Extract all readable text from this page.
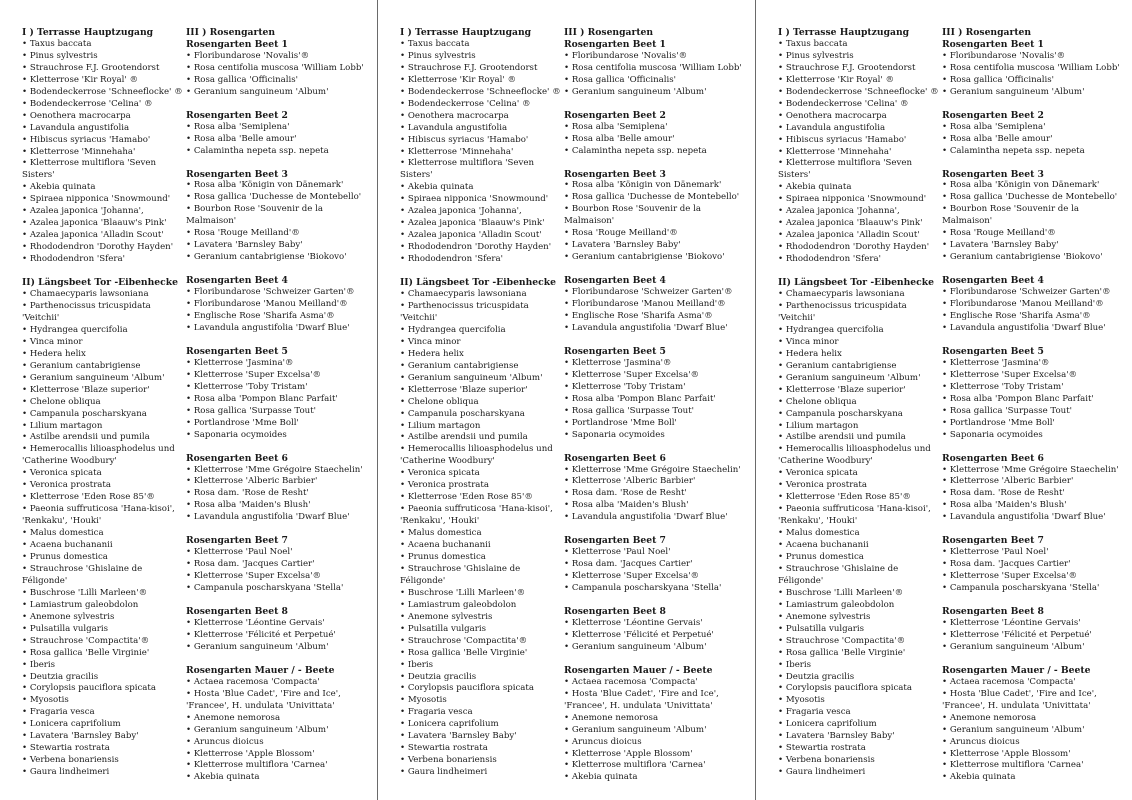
I ) Terrasse Hauptzugang
• Taxus baccata
• Pinus sylvestris
• Strauchrose F.J. Grootendorst
• Kletterrose 'Kir Royal' ®
• Bodendeckerrose 'Schneeflocke' ®
• Bodendeckerrose 'Celina' ®
• Oenothera macrocarpa
• Lavandula angustifolia
• Hibiscus syriacus 'Hamabo'
• Kletterrose 'Minnehaha'
• Kletterrose multiflora 'Seven Sisters'
• Akebia quinata
• Spiraea nipponica 'Snowmound'
• Azalea japonica 'Johanna',
• Azalea japonica 'Blaauw's Pink'
• Azalea japonica 'Alladin Scout'
• Rhododendron 'Dorothy Hayden'
• Rhododendron 'Sfera'
II) Längsbeet Tor -Eibenhecke
• Chamaecyparis lawsoniana
• Parthenocissus tricuspidata 'Veitchii'
• Hydrangea quercifolia
• Vinca minor
• Hedera helix
• Geranium cantabrigiense
• Geranium sanguineum 'Album'
• Kletterrose 'Blaze superior'
• Chelone obliqua
• Campanula poscharskyana
• Lilium martagon
• Astilbe arendsii und pumila
• Hemerocallis lilioasphodelus und 'Catherine Woodbury'
• Veronica spicata
• Veronica prostrata
• Kletterrose 'Eden Rose 85'®
• Paeonia suffruticosa 'Hana-kisoi', 'Renkaku', 'Houki'
• Malus domestica
• Acaena buchananii
• Prunus domestica
• Strauchrose 'Ghislaine de Féligonde'
• Buschrose 'Lilli Marleen'®
• Lamiastrum galeobdolon
• Anemone sylvestris
• Pulsatilla vulgaris
• Strauchrose 'Compactita'®
• Rosa gallica 'Belle Virginie'
• Iberis
• Deutzia gracilis
• Corylopsis pauciflora spicata
• Myosotis
• Fragaria vesca
• Lonicera caprifolium
• Lavatera 'Barnsley Baby'
• Stewartia rostrata
• Verbena bonariensis
• Gaura lindheimeri
III ) Rosengarten
Rosengarten Beet 1
• Floribundarose 'Novalis'®
• Rosa centifolia muscosa 'William Lobb'
• Rosa gallica 'Officinalis'
• Geranium sanguineum 'Album'
Rosengarten Beet 2
• Rosa alba 'Semiplena'
• Rosa alba 'Belle amour'
• Calamintha nepeta ssp. nepeta
Rosengarten Beet 3
• Rosa alba 'Königin von Dänemark'
• Rosa gallica 'Duchesse de Montebello'
• Bourbon Rose 'Souvenir de la Malmaison'
• Rosa 'Rouge Meilland'®
• Lavatera 'Barnsley Baby'
• Geranium cantabrigiense 'Biokovo'
Rosengarten Beet 4
• Floribundarose 'Schweizer Garten'®
• Floribundarose 'Manou Meilland'®
• Englische Rose 'Sharifa Asma'®
• Lavandula angustifolia 'Dwarf Blue'
Rosengarten Beet 5
• Kletterrose 'Jasmina'®
• Kletterrose 'Super Excelsa'®
• Kletterrose 'Toby Tristam'
• Rosa alba 'Pompon Blanc Parfait'
• Rosa gallica 'Surpasse Tout'
• Portlandrose 'Mme Boll'
• Saponaria ocymoides
Rosengarten Beet 6
• Kletterrose 'Mme Grégoire Staechelin'
• Kletterrose 'Alberic Barbier'
• Rosa dam. 'Rose de Resht'
• Rosa alba 'Maiden's Blush'
• Lavandula angustifolia 'Dwarf Blue'
Rosengarten Beet 7
• Kletterrose 'Paul Noel'
• Rosa dam. 'Jacques Cartier'
• Kletterrose 'Super Excelsa'®
• Campanula poscharskyana 'Stella'
Rosengarten Beet 8
• Kletterrose 'Léontine Gervais'
• Kletterrose 'Félicité et Perpetué'
• Geranium sanguineum 'Album'
Rosengarten Mauer / - Beete
• Actaea racemosa 'Compacta'
• Hosta 'Blue Cadet', 'Fire and Ice', 'Francee', H. undulata 'Univittata'
• Anemone nemorosa
• Geranium sanguineum 'Album'
• Aruncus dioicus
• Kletterrose 'Apple Blossom'
• Kletterrose multiflora 'Carnea'
• Akebia quinata
I ) Terrasse Hauptzugang
• Taxus baccata
• Pinus sylvestris
• Strauchrose F.J. Grootendorst
• Kletterrose 'Kir Royal' ®
• Bodendeckerrose 'Schneeflocke' ®
• Bodendeckerrose 'Celina' ®
• Oenothera macrocarpa
• Lavandula angustifolia
• Hibiscus syriacus 'Hamabo'
• Kletterrose 'Minnehaha'
• Kletterrose multiflora 'Seven Sisters'
• Akebia quinata
• Spiraea nipponica 'Snowmound'
• Azalea japonica 'Johanna',
• Azalea japonica 'Blaauw's Pink'
• Azalea japonica 'Alladin Scout'
• Rhododendron 'Dorothy Hayden'
• Rhododendron 'Sfera'
II) Längsbeet Tor -Eibenhecke
• Chamaecyparis lawsoniana
• Parthenocissus tricuspidata 'Veitchii'
• Hydrangea quercifolia
• Vinca minor
• Hedera helix
• Geranium cantabrigiense
• Geranium sanguineum 'Album'
• Kletterrose 'Blaze superior'
• Chelone obliqua
• Campanula poscharskyana
• Lilium martagon
• Astilbe arendsii und pumila
• Hemerocallis lilioasphodelus und 'Catherine Woodbury'
• Veronica spicata
• Veronica prostrata
• Kletterrose 'Eden Rose 85'®
• Paeonia suffruticosa 'Hana-kisoi', 'Renkaku', 'Houki'
• Malus domestica
• Acaena buchananii
• Prunus domestica
• Strauchrose 'Ghislaine de Féligonde'
• Buschrose 'Lilli Marleen'®
• Lamiastrum galeobdolon
• Anemone sylvestris
• Pulsatilla vulgaris
• Strauchrose 'Compactita'®
• Rosa gallica 'Belle Virginie'
• Iberis
• Deutzia gracilis
• Corylopsis pauciflora spicata
• Myosotis
• Fragaria vesca
• Lonicera caprifolium
• Lavatera 'Barnsley Baby'
• Stewartia rostrata
• Verbena bonariensis
• Gaura lindheimeri
III ) Rosengarten
Rosengarten Beet 1
• Floribundarose 'Novalis'®
• Rosa centifolia muscosa 'William Lobb'
• Rosa gallica 'Officinalis'
• Geranium sanguineum 'Album'
Rosengarten Beet 2
• Rosa alba 'Semiplena'
• Rosa alba 'Belle amour'
• Calamintha nepeta ssp. nepeta
Rosengarten Beet 3
• Rosa alba 'Königin von Dänemark'
• Rosa gallica 'Duchesse de Montebello'
• Bourbon Rose 'Souvenir de la Malmaison'
• Rosa 'Rouge Meilland'®
• Lavatera 'Barnsley Baby'
• Geranium cantabrigiense 'Biokovo'
Rosengarten Beet 4
• Floribundarose 'Schweizer Garten'®
• Floribundarose 'Manou Meilland'®
• Englische Rose 'Sharifa Asma'®
• Lavandula angustifolia 'Dwarf Blue'
Rosengarten Beet 5
• Kletterrose 'Jasmina'®
• Kletterrose 'Super Excelsa'®
• Kletterrose 'Toby Tristam'
• Rosa alba 'Pompon Blanc Parfait'
• Rosa gallica 'Surpasse Tout'
• Portlandrose 'Mme Boll'
• Saponaria ocymoides
Rosengarten Beet 6
• Kletterrose 'Mme Grégoire Staechelin'
• Kletterrose 'Alberic Barbier'
• Rosa dam. 'Rose de Resht'
• Rosa alba 'Maiden's Blush'
• Lavandula angustifolia 'Dwarf Blue'
Rosengarten Beet 7
• Kletterrose 'Paul Noel'
• Rosa dam. 'Jacques Cartier'
• Kletterrose 'Super Excelsa'®
• Campanula poscharskyana 'Stella'
Rosengarten Beet 8
• Kletterrose 'Léontine Gervais'
• Kletterrose 'Félicité et Perpetué'
• Geranium sanguineum 'Album'
Rosengarten Mauer / - Beete
• Actaea racemosa 'Compacta'
• Hosta 'Blue Cadet', 'Fire and Ice', 'Francee', H. undulata 'Univittata'
• Anemone nemorosa
• Geranium sanguineum 'Album'
• Aruncus dioicus
• Kletterrose 'Apple Blossom'
• Kletterrose multiflora 'Carnea'
• Akebia quinata
I ) Terrasse Hauptzugang
• Taxus baccata
• Pinus sylvestris
• Strauchrose F.J. Grootendorst
• Kletterrose 'Kir Royal' ®
• Bodendeckerrose 'Schneeflocke' ®
• Bodendeckerrose 'Celina' ®
• Oenothera macrocarpa
• Lavandula angustifolia
• Hibiscus syriacus 'Hamabo'
• Kletterrose 'Minnehaha'
• Kletterrose multiflora 'Seven Sisters'
• Akebia quinata
• Spiraea nipponica 'Snowmound'
• Azalea japonica 'Johanna',
• Azalea japonica 'Blaauw's Pink'
• Azalea japonica 'Alladin Scout'
• Rhododendron 'Dorothy Hayden'
• Rhododendron 'Sfera'
II) Längsbeet Tor -Eibenhecke
• Chamaecyparis lawsoniana
• Parthenocissus tricuspidata 'Veitchii'
• Hydrangea quercifolia
• Vinca minor
• Hedera helix
• Geranium cantabrigiense
• Geranium sanguineum 'Album'
• Kletterrose 'Blaze superior'
• Chelone obliqua
• Campanula poscharskyana
• Lilium martagon
• Astilbe arendsii und pumila
• Hemerocallis lilioasphodelus und 'Catherine Woodbury'
• Veronica spicata
• Veronica prostrata
• Kletterrose 'Eden Rose 85'®
• Paeonia suffruticosa 'Hana-kisoi', 'Renkaku', 'Houki'
• Malus domestica
• Acaena buchananii
• Prunus domestica
• Strauchrose 'Ghislaine de Féligonde'
• Buschrose 'Lilli Marleen'®
• Lamiastrum galeobdolon
• Anemone sylvestris
• Pulsatilla vulgaris
• Strauchrose 'Compactita'®
• Rosa gallica 'Belle Virginie'
• Iberis
• Deutzia gracilis
• Corylopsis pauciflora spicata
• Myosotis
• Fragaria vesca
• Lonicera caprifolium
• Lavatera 'Barnsley Baby'
• Stewartia rostrata
• Verbena bonariensis
• Gaura lindheimeri
III ) Rosengarten
Rosengarten Beet 1
• Floribundarose 'Novalis'®
• Rosa centifolia muscosa 'William Lobb'
• Rosa gallica 'Officinalis'
• Geranium sanguineum 'Album'
Rosengarten Beet 2
• Rosa alba 'Semiplena'
• Rosa alba 'Belle amour'
• Calamintha nepeta ssp. nepeta
Rosengarten Beet 3
• Rosa alba 'Königin von Dänemark'
• Rosa gallica 'Duchesse de Montebello'
• Bourbon Rose 'Souvenir de la Malmaison'
• Rosa 'Rouge Meilland'®
• Lavatera 'Barnsley Baby'
• Geranium cantabrigiense 'Biokovo'
Rosengarten Beet 4
• Floribundarose 'Schweizer Garten'®
• Floribundarose 'Manou Meilland'®
• Englische Rose 'Sharifa Asma'®
• Lavandula angustifolia 'Dwarf Blue'
Rosengarten Beet 5
• Kletterrose 'Jasmina'®
• Kletterrose 'Super Excelsa'®
• Kletterrose 'Toby Tristam'
• Rosa alba 'Pompon Blanc Parfait'
• Rosa gallica 'Surpasse Tout'
• Portlandrose 'Mme Boll'
• Saponaria ocymoides
Rosengarten Beet 6
• Kletterrose 'Mme Grégoire Staechelin'
• Kletterrose 'Alberic Barbier'
• Rosa dam. 'Rose de Resht'
• Rosa alba 'Maiden's Blush'
• Lavandula angustifolia 'Dwarf Blue'
Rosengarten Beet 7
• Kletterrose 'Paul Noel'
• Rosa dam. 'Jacques Cartier'
• Kletterrose 'Super Excelsa'®
• Campanula poscharskyana 'Stella'
Rosengarten Beet 8
• Kletterrose 'Léontine Gervais'
• Kletterrose 'Félicité et Perpetué'
• Geranium sanguineum 'Album'
Rosengarten Mauer / - Beete
• Actaea racemosa 'Compacta'
• Hosta 'Blue Cadet', 'Fire and Ice', 'Francee', H. undulata 'Univittata'
• Anemone nemorosa
• Geranium sanguineum 'Album'
• Aruncus dioicus
• Kletterrose 'Apple Blossom'
• Kletterrose multiflora 'Carnea'
• Akebia quinata
